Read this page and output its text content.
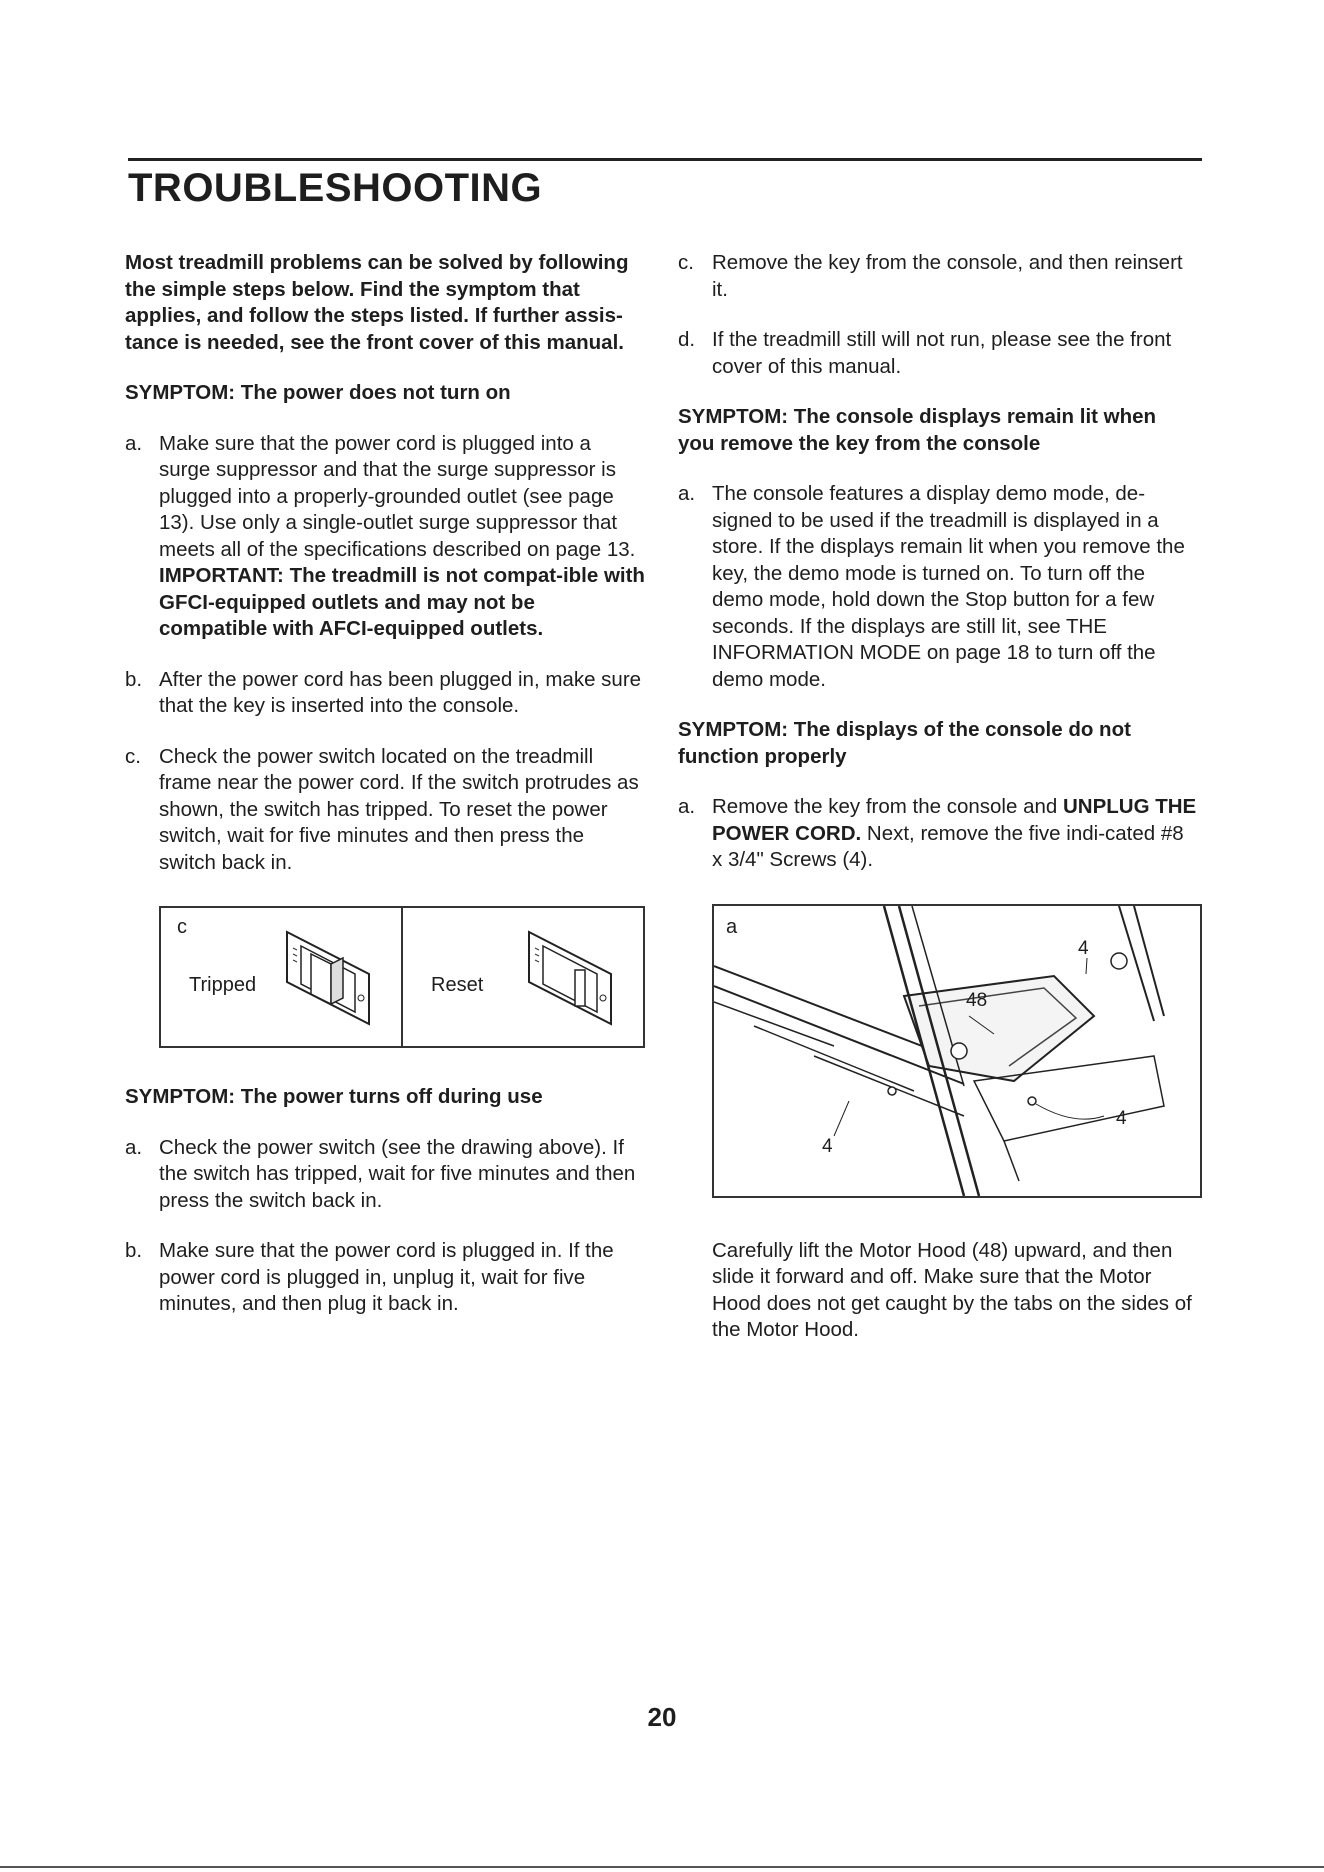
TROUBLESHOOTING

Most treadmill problems can be solved by following the simple steps below. Find the symptom that applies, and follow the steps listed. If further assis-tance is needed, see the front cover of this manual.

SYMPTOM: The power does not turn on

a. Make sure that the power cord is plugged into a surge suppressor and that the surge suppressor is plugged into a properly-grounded outlet (see page 13). Use only a single-outlet surge suppressor that meets all of the specifications described on page 13. IMPORTANT: The treadmill is not compat-ible with GFCI-equipped outlets and may not be compatible with AFCI-equipped outlets.
b. After the power cord has been plugged in, make sure that the key is inserted into the console.
c. Check the power switch located on the treadmill frame near the power cord. If the switch protrudes as shown, the switch has tripped. To reset the power switch, wait for five minutes and then press the switch back in.
c
Tripped	Reset

SYMPTOM: The power turns off during use

a. Check the power switch (see the drawing above). If the switch has tripped, wait for five minutes and then press the switch back in.
b. Make sure that the power cord is plugged in. If the power cord is plugged in, unplug it, wait for five minutes, and then plug it back in.
c. Remove the key from the console, and then reinsert it.
d. If the treadmill still will not run, please see the front cover of this manual.

SYMPTOM: The console displays remain lit when you remove the key from the console

a. The console features a display demo mode, de-signed to be used if the treadmill is displayed in a store. If the displays remain lit when you remove the key, the demo mode is turned on. To turn off the demo mode, hold down the Stop button for a few seconds. If the displays are still lit, see THE INFORMATION MODE on page 18 to turn off the demo mode.

SYMPTOM: The displays of the console do not function properly

a. Remove the key from the console and UNPLUG THE POWER CORD. Next, remove the five indi-cated #8 x 3/4" Screws (4).
a
48
4
4
4

Carefully lift the Motor Hood (48) upward, and then slide it forward and off. Make sure that the Motor Hood does not get caught by the tabs on the sides of the Motor Hood.

20
